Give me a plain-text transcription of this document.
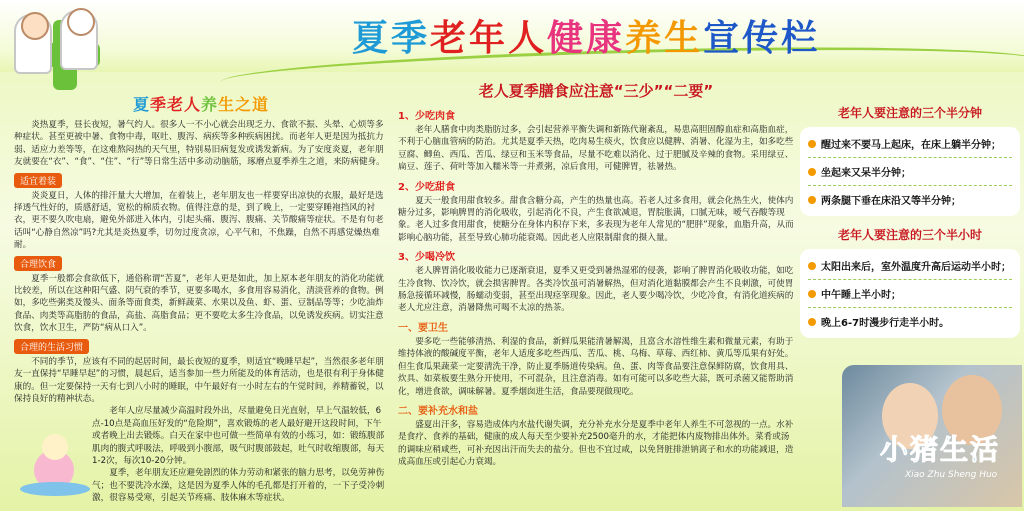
夏季老年人健康养生宣传栏
夏季老人养生之道

炎热夏季，昼长夜短，暑气约人。很多人一不小心就会出现乏力、食欲不振、头晕、心烦等多种症状。甚至更被中暑、食物中毒，呕吐、腹泻、病疾等多种疾病困扰。而老年人更是因为抵抗力弱、适应力差等等，在这难熬闷热的天气里，特别易旧病复发或诱发新病。为了安度炎夏，老年朋友就要在“衣”、“食”、“住”、“行”等日常生活中多动动脑筋，琢磨点夏季养生之道，来防病健身。

适宜着装

炎炎夏日，人体的排汗量大大增加，在着装上，老年朋友也一样要穿出凉快的衣服，最好是选择透气性好的，质感舒适，宽松的棉质衣物。值得注意的是，到了晚上，一定要穿睡袍挡风的衬衣，更不要久吹电扇，避免外部进入体内，引起头痛、腹泻、腹痛、关节酸痛等症状。不是有句老话叫“心静自然凉”吗?尤其是炎热夏季，切勿过度贪凉，心平气和，不焦躁，自然不再感觉燥热难耐。

合理饮食

夏季一般都会食欲低下，通俗称谓“苦夏”，老年人更是如此，加上原本老年朋友的消化功能就比较差，所以在这种阳气盛、阴气衰的季节，更要多喝水，多食用容易消化，清淡营养的食物。例如，多吃些粥类及馒头、面条等面食类，新鲜蔬菜、水果以及鱼、虾、蛋、豆制品等等；少吃油炸食品、肉类等高脂肪的食品，高盐、高脂食品；更不要吃太多生冷食品，以免诱发疾病。切实注意饮食，饮水卫生，严防“病从口入”。

合理的生活习惯

不同的季节，应该有不同的起居时间，最长夜短的夏季，则适宜“晚睡早起”，当然很多老年朋友一直保持“早睡早起”的习惯，晨起后，适当参加一些力所能及的体育活动，也是很有利于身体健康的。但一定要保持一天有七到八小时的睡眠，中午最好有一小时左右的午觉时间，养精蓄锐，以保持良好的精神状态。

老年人应尽量减少高温时段外出，尽量避免日光直射，早上气温较低，6点-10点是高血压好发的“危险期”，喜欢锻炼的老人最好避开这段时间，下午或者晚上出去锻炼。白天在家中也可做一些简单有效的小练习，如：锻练腹部肌肉的腹式呼吸法，呼吸到小腹部，吸气时腹部鼓起，吐气时收缩腹部，每天1-2次，每次10-20分钟。

夏季，老年朋友还应避免剧烈的体力劳动和紧张的脑力思考，以免劳神伤气；也不要洗冷水澡，这是因为夏季人体的毛孔都是打开着的，一下子受冷刺激，很容易受寒，引起关节疼痛、肢体麻木等症状。

老人夏季膳食应注意“三少”“二要”
1、少吃肉食

老年人膳食中肉类脂肪过多，会引起营养平衡失调和新陈代谢紊乱，易患高胆固醇血症和高脂血症，不利于心脑血管病的防治。尤其是夏季天热，吃肉易生痰火，饮食应以健脾、消暑、化湿为主，如多吃些豆腐、鲫鱼、西瓜、苦瓜、绿豆和玉米等食品，尽量不吃难以消化、过于肥腻及辛辣的食物。采用绿豆、扁豆、莲子、荷叶等加入糯米等一并煮粥，凉后食用，可健脾胃，祛暑热。

2、少吃甜食

夏天一般食用甜食较多。甜食含糖分高，产生的热量也高。若老人过多食用，就会化热生火，使体内糖分过多，影响脾胃的消化吸收，引起消化不良，产生食欲减退，胃脘胀满，口腻无味，嗳气吞酸等现象。老人过多食用甜食，使糖分在身体内积存下来，多表现为老年人常见的“肥胖”现象，血脂升高，从而影响心脑功能，甚至导致心肺功能衰竭。因此老人应限制甜食的摄入量。

3、少喝冷饮

老人脾胃消化吸收能力已逐渐衰退，夏季又更受到暑热湿邪的侵袭，影响了脾胃消化吸收功能，如吃生冷食物、饮冷饮，就会损害脾胃。各类冷饮虽可消暑解热，但对消化道黏膜都会产生不良刺激，可使胃肠急接循环减慢，肠蠕动变弱，甚至出现痉挛现象。因此，老人要少喝冷饮，少吃冷食，有消化道疾病的老人尤应注意，消暑降焦可喝不太凉的热茶。

一、要卫生

要多吃一些能够清热、利湿的食品，新鲜瓜果能清暑解渴，且富含水溶性维生素和微量元素，有助于维持体液的酸碱度平衡，老年人适度多吃些西瓜、苦瓜、桃、乌梅、草莓、西红柿、黄瓜等瓜果有好处。但生食瓜果蔬菜一定要清洗干净，防止夏季肠道传染病。鱼、蛋、肉等食品要注意保鲜防腐，饮食用具、炊具、如菜板要生熟分开使用，不可混杂，且注意消毒。如有可能可以多吃些大蒜，既可杀菌又能帮助消化，增进食欲，调味解暑。夏季烟囱进生活，食品要现做现吃。

二、要补充水和盐

盛夏出汗多，容易造成体内水盐代谢失调，充分补充水分是夏季中老年人养生不可忽视的一点。水补是食疗、食养的基础，健康的成人每天至少要补充2500毫升的水，才能把体内废物排出体外。菜肴或汤的调味应稍咸些，可补充因出汗而失去的盐分。但也不宜过咸，以免肾脏排泄钠离子和水的功能减退，造成高血压或引起心力衰竭。

老年人要注意的三个半分钟
醒过来不要马上起床，在床上躺半分钟；
坐起来又呆半分钟；
两条腿下垂在床沿又等半分钟；
老年人要注意的三个半小时
太阳出来后，室外温度升高后运动半小时；
中午睡上半小时；
晚上6-7时漫步行走半小时。
小猪生活
Xiao Zhu Sheng Huo
